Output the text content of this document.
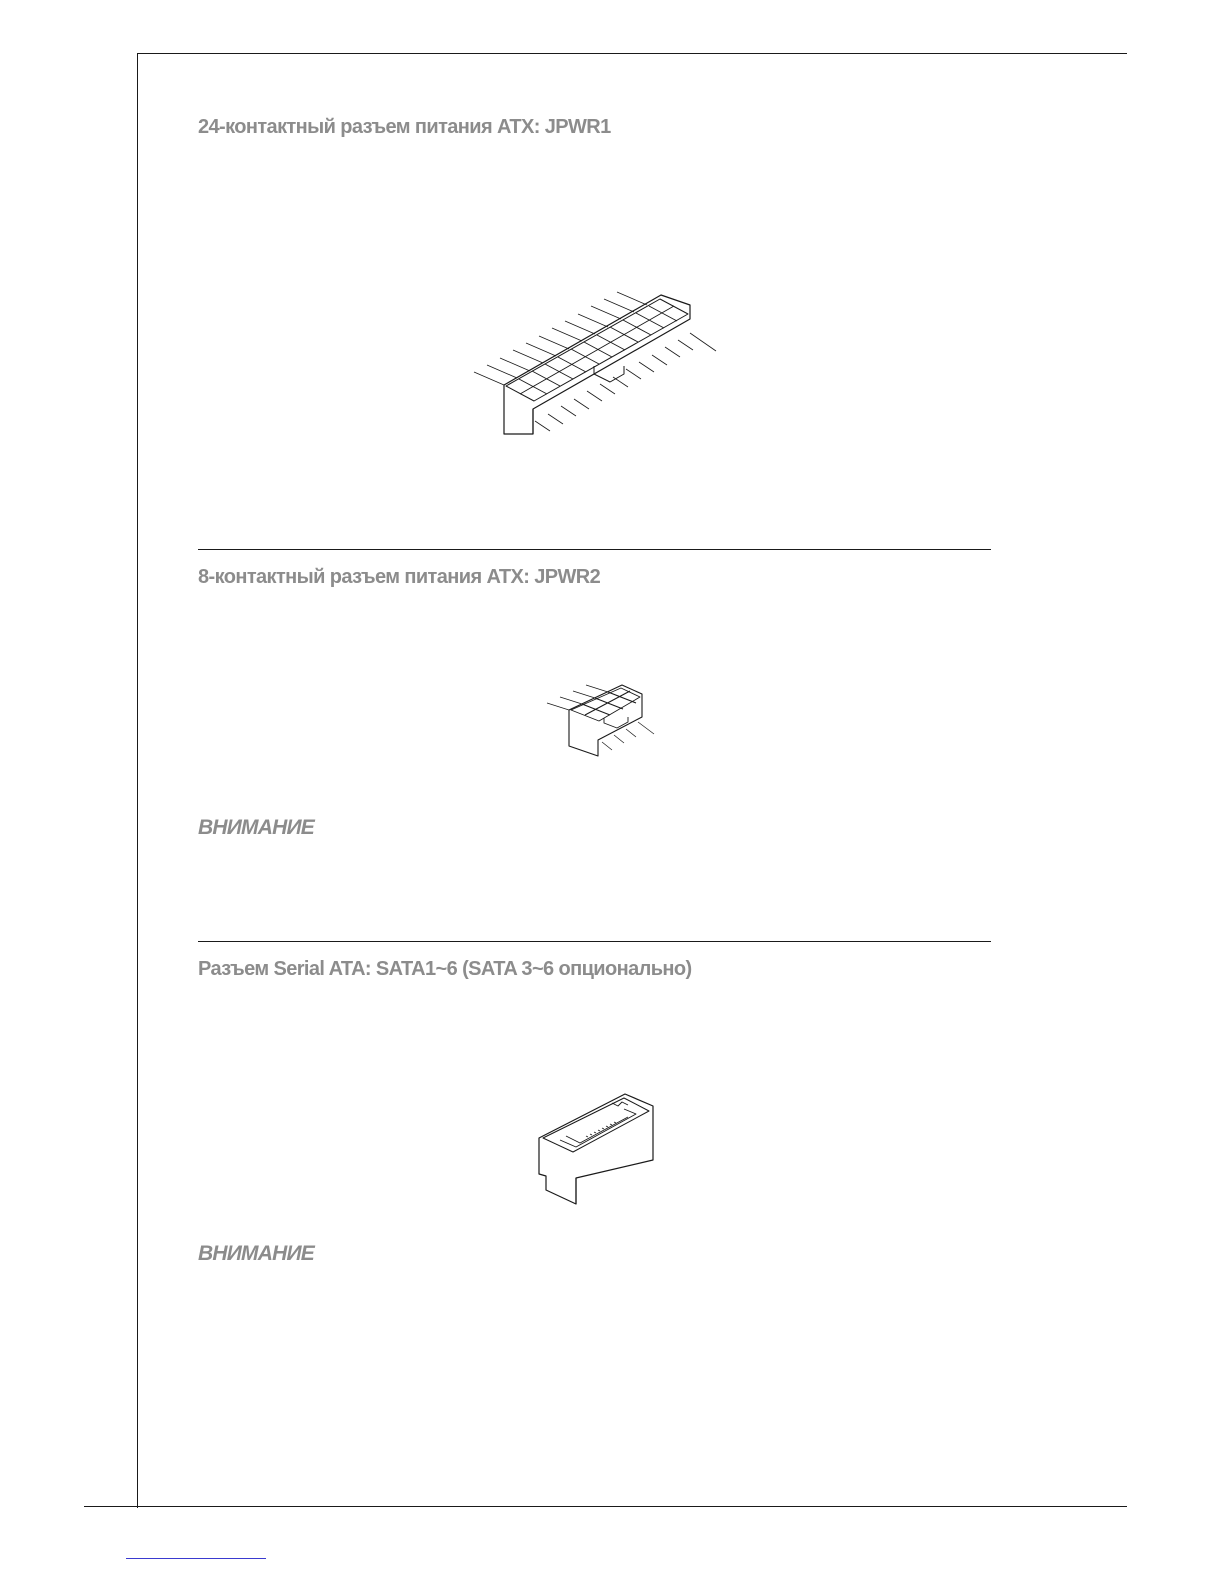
24-контактный разъем питания ATX: JPWR1
8-контактный разъем питания ATX: JPWR2
ВНИМАНИЕ
Разъем Serial ATA: SATA1~6 (SATA 3~6 опционально)
ВНИМАНИЕ
